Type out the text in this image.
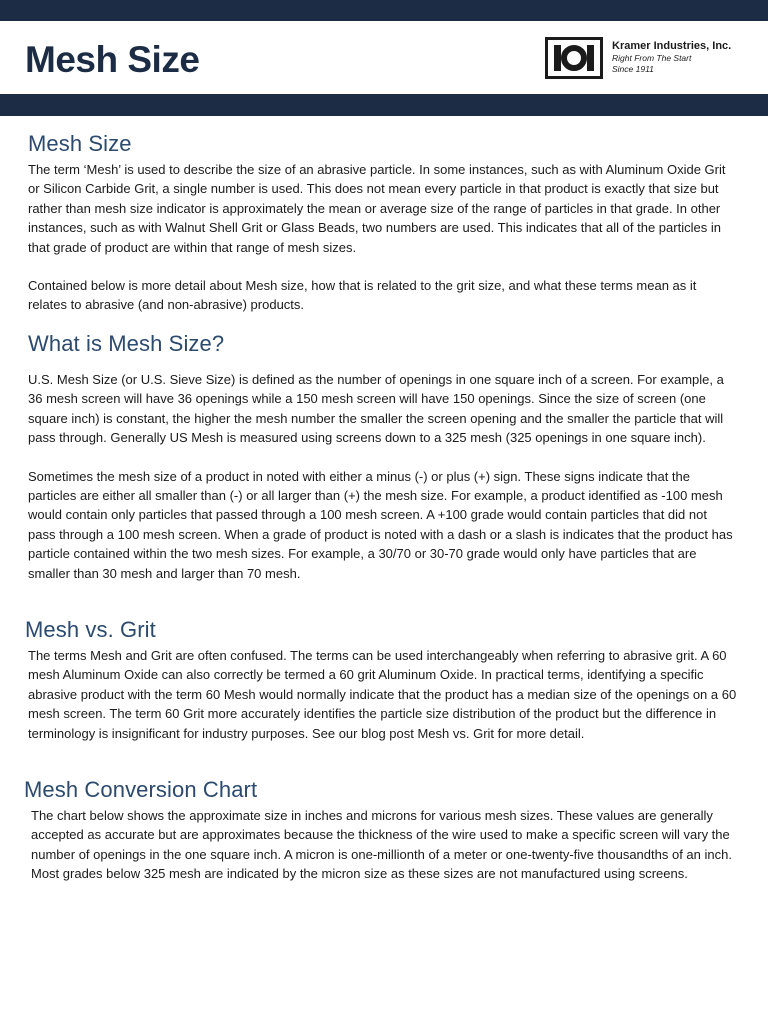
Mesh Size	Kramer Industries, Inc.
Right From The Start
Since 1911
Mesh Size

The term ‘Mesh’ is used to describe the size of an abrasive particle. In some instances, such as with Aluminum Oxide Grit or Silicon Carbide Grit, a single number is used. This does not mean every particle in that product is exactly that size but rather than mesh size indicator is approximately the mean or average size of the range of particles in that grade. In other instances, such as with Walnut Shell Grit or Glass Beads, two numbers are used. This indicates that all of the particles in that grade of product are within that range of mesh sizes.

Contained below is more detail about Mesh size, how that is related to the grit size, and what these terms mean as it relates to abrasive (and non-abrasive) products.

What is Mesh Size?

U.S. Mesh Size (or U.S. Sieve Size) is defined as the number of openings in one square inch of a screen. For example, a 36 mesh screen will have 36 openings while a 150 mesh screen will have 150 openings. Since the size of screen (one square inch) is constant, the higher the mesh number the smaller the screen opening and the smaller the particle that will pass through. Generally US Mesh is measured using screens down to a 325 mesh (325 openings in one square inch).

Sometimes the mesh size of a product in noted with either a minus (-) or plus (+) sign. These signs indicate that the particles are either all smaller than (-) or all larger than (+) the mesh size. For example, a product identified as -100 mesh would contain only particles that passed through a 100 mesh screen. A +100 grade would contain particles that did not pass through a 100 mesh screen. When a grade of product is noted with a dash or a slash is indicates that the product has particle contained within the two mesh sizes. For example, a 30/70 or 30-70 grade would only have particles that are smaller than 30 mesh and larger than 70 mesh.

Mesh vs. Grit

The terms Mesh and Grit are often confused. The terms can be used interchangeably when referring to abrasive grit. A 60 mesh Aluminum Oxide can also correctly be termed a 60 grit Aluminum Oxide. In practical terms, identifying a specific abrasive product with the term 60 Mesh would normally indicate that the product has a median size of the openings on a 60 mesh screen. The term 60 Grit more accurately identifies the particle size distribution of the product but the difference in terminology is insignificant for industry purposes. See our blog post Mesh vs. Grit for more detail.

Mesh Conversion Chart

The chart below shows the approximate size in inches and microns for various mesh sizes. These values are generally accepted as accurate but are approximates because the thickness of the wire used to make a specific screen will vary the number of openings in the one square inch. A micron is one-millionth of a meter or one-twenty-five thousandths of an inch. Most grades below 325 mesh are indicated by the micron size as these sizes are not manufactured using screens.
